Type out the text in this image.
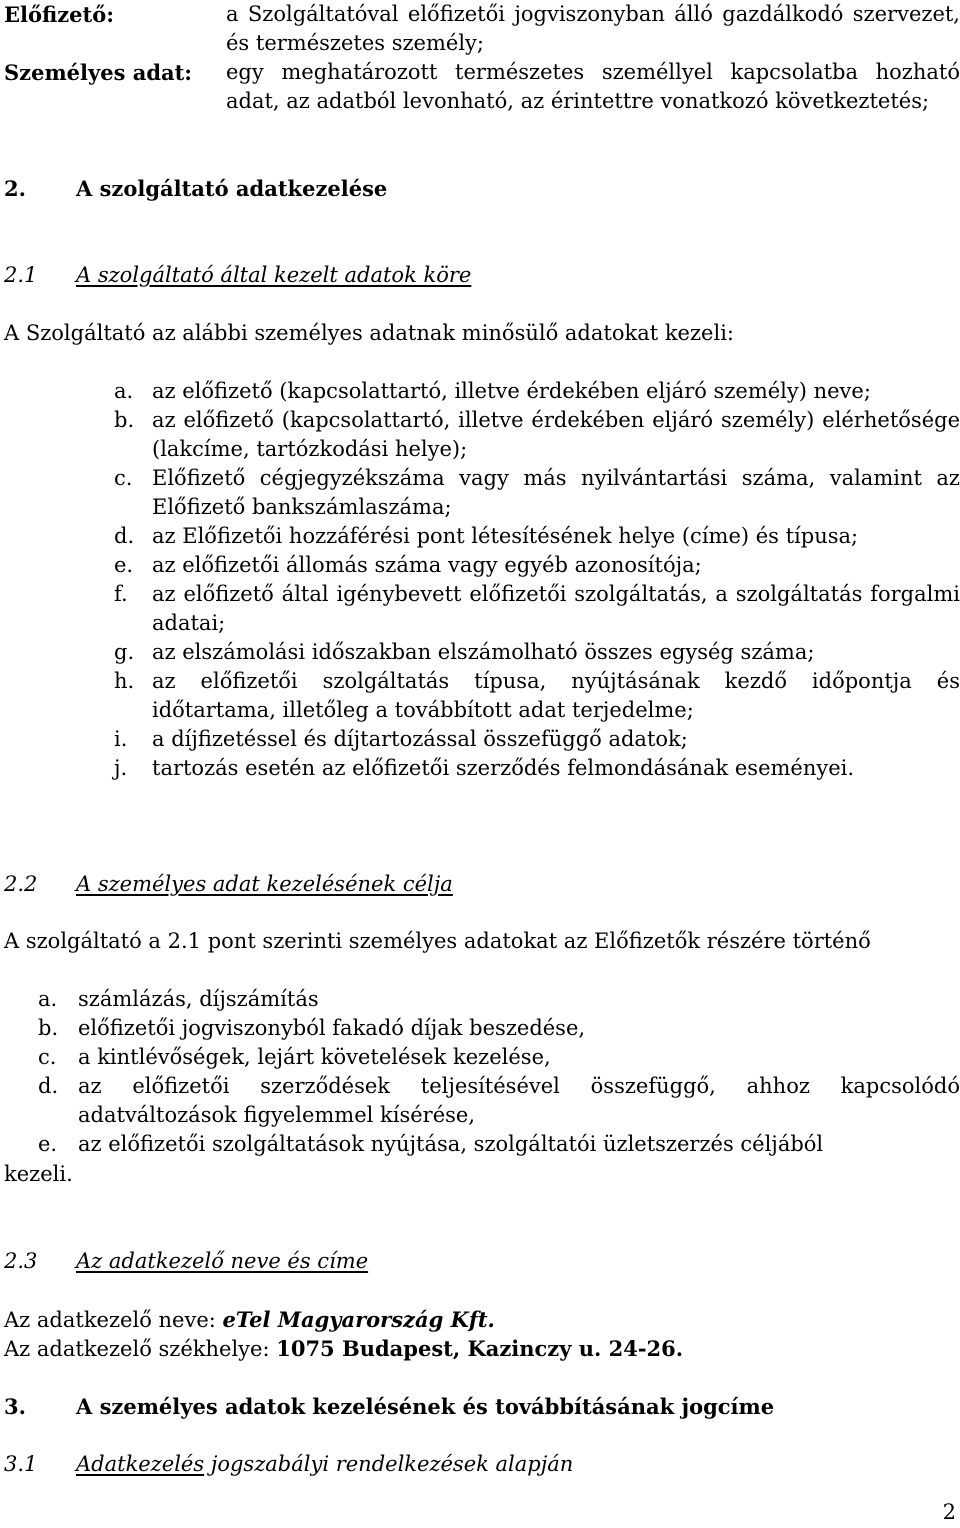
Előfizető:	a Szolgáltatóval előfizetői jogviszonyban álló gazdálkodó szervezet, és természetes személy;
Személyes adat: egy meghatározott természetes személlyel kapcsolatba hozható adat, az adatból levonható, az érintettre vonatkozó következtetés;
2. A szolgáltató adatkezelése
2.1 A szolgáltató által kezelt adatok köre
A Szolgáltató az alábbi személyes adatnak minősülő adatokat kezeli:
a. az előfizető (kapcsolattartó, illetve érdekében eljáró személy) neve;
b. az előfizető (kapcsolattartó, illetve érdekében eljáró személy) elérhetősége (lakcíme, tartózkodási helye);
c. Előfizető cégjegyzékszáma vagy más nyilvántartási száma, valamint az Előfizető bankszámlaszáma;
d. az Előfizetői hozzáférési pont létesítésének helye (címe) és típusa;
e. az előfizetői állomás száma vagy egyéb azonosítója;
f. az előfizető által igénybevett előfizetői szolgáltatás, a szolgáltatás forgalmi adatai;
g. az elszámolási időszakban elszámolható összes egység száma;
h. az előfizetői szolgáltatás típusa, nyújtásának kezdő időpontja és időtartama, illetőleg a továbbított adat terjedelme;
i. a díjfizetéssel és díjtartozással összefüggő adatok;
j. tartozás esetén az előfizetői szerződés felmondásának eseményei.
2.2 A személyes adat kezelésének célja
A szolgáltató a 2.1 pont szerinti személyes adatokat az Előfizetők részére történő
a. számlázás, díjszámítás
b. előfizetői jogviszonyból fakadó díjak beszedése,
c. a kintlévőségek, lejárt követelések kezelése,
d. az előfizetői szerződések teljesítésével összefüggő, ahhoz kapcsolódó adatváltozások figyelemmel kísérése,
e. az előfizetői szolgáltatások nyújtása, szolgáltatói üzletszerzés céljából
kezeli.
2.3 Az adatkezelő neve és címe
Az adatkezelő neve: eTel Magyarország Kft.
Az adatkezelő székhelye: 1075 Budapest, Kazinczy u. 24-26.
3. A személyes adatok kezelésének és továbbításának jogcíme
3.1 Adatkezelés jogszabályi rendelkezések alapján
2
